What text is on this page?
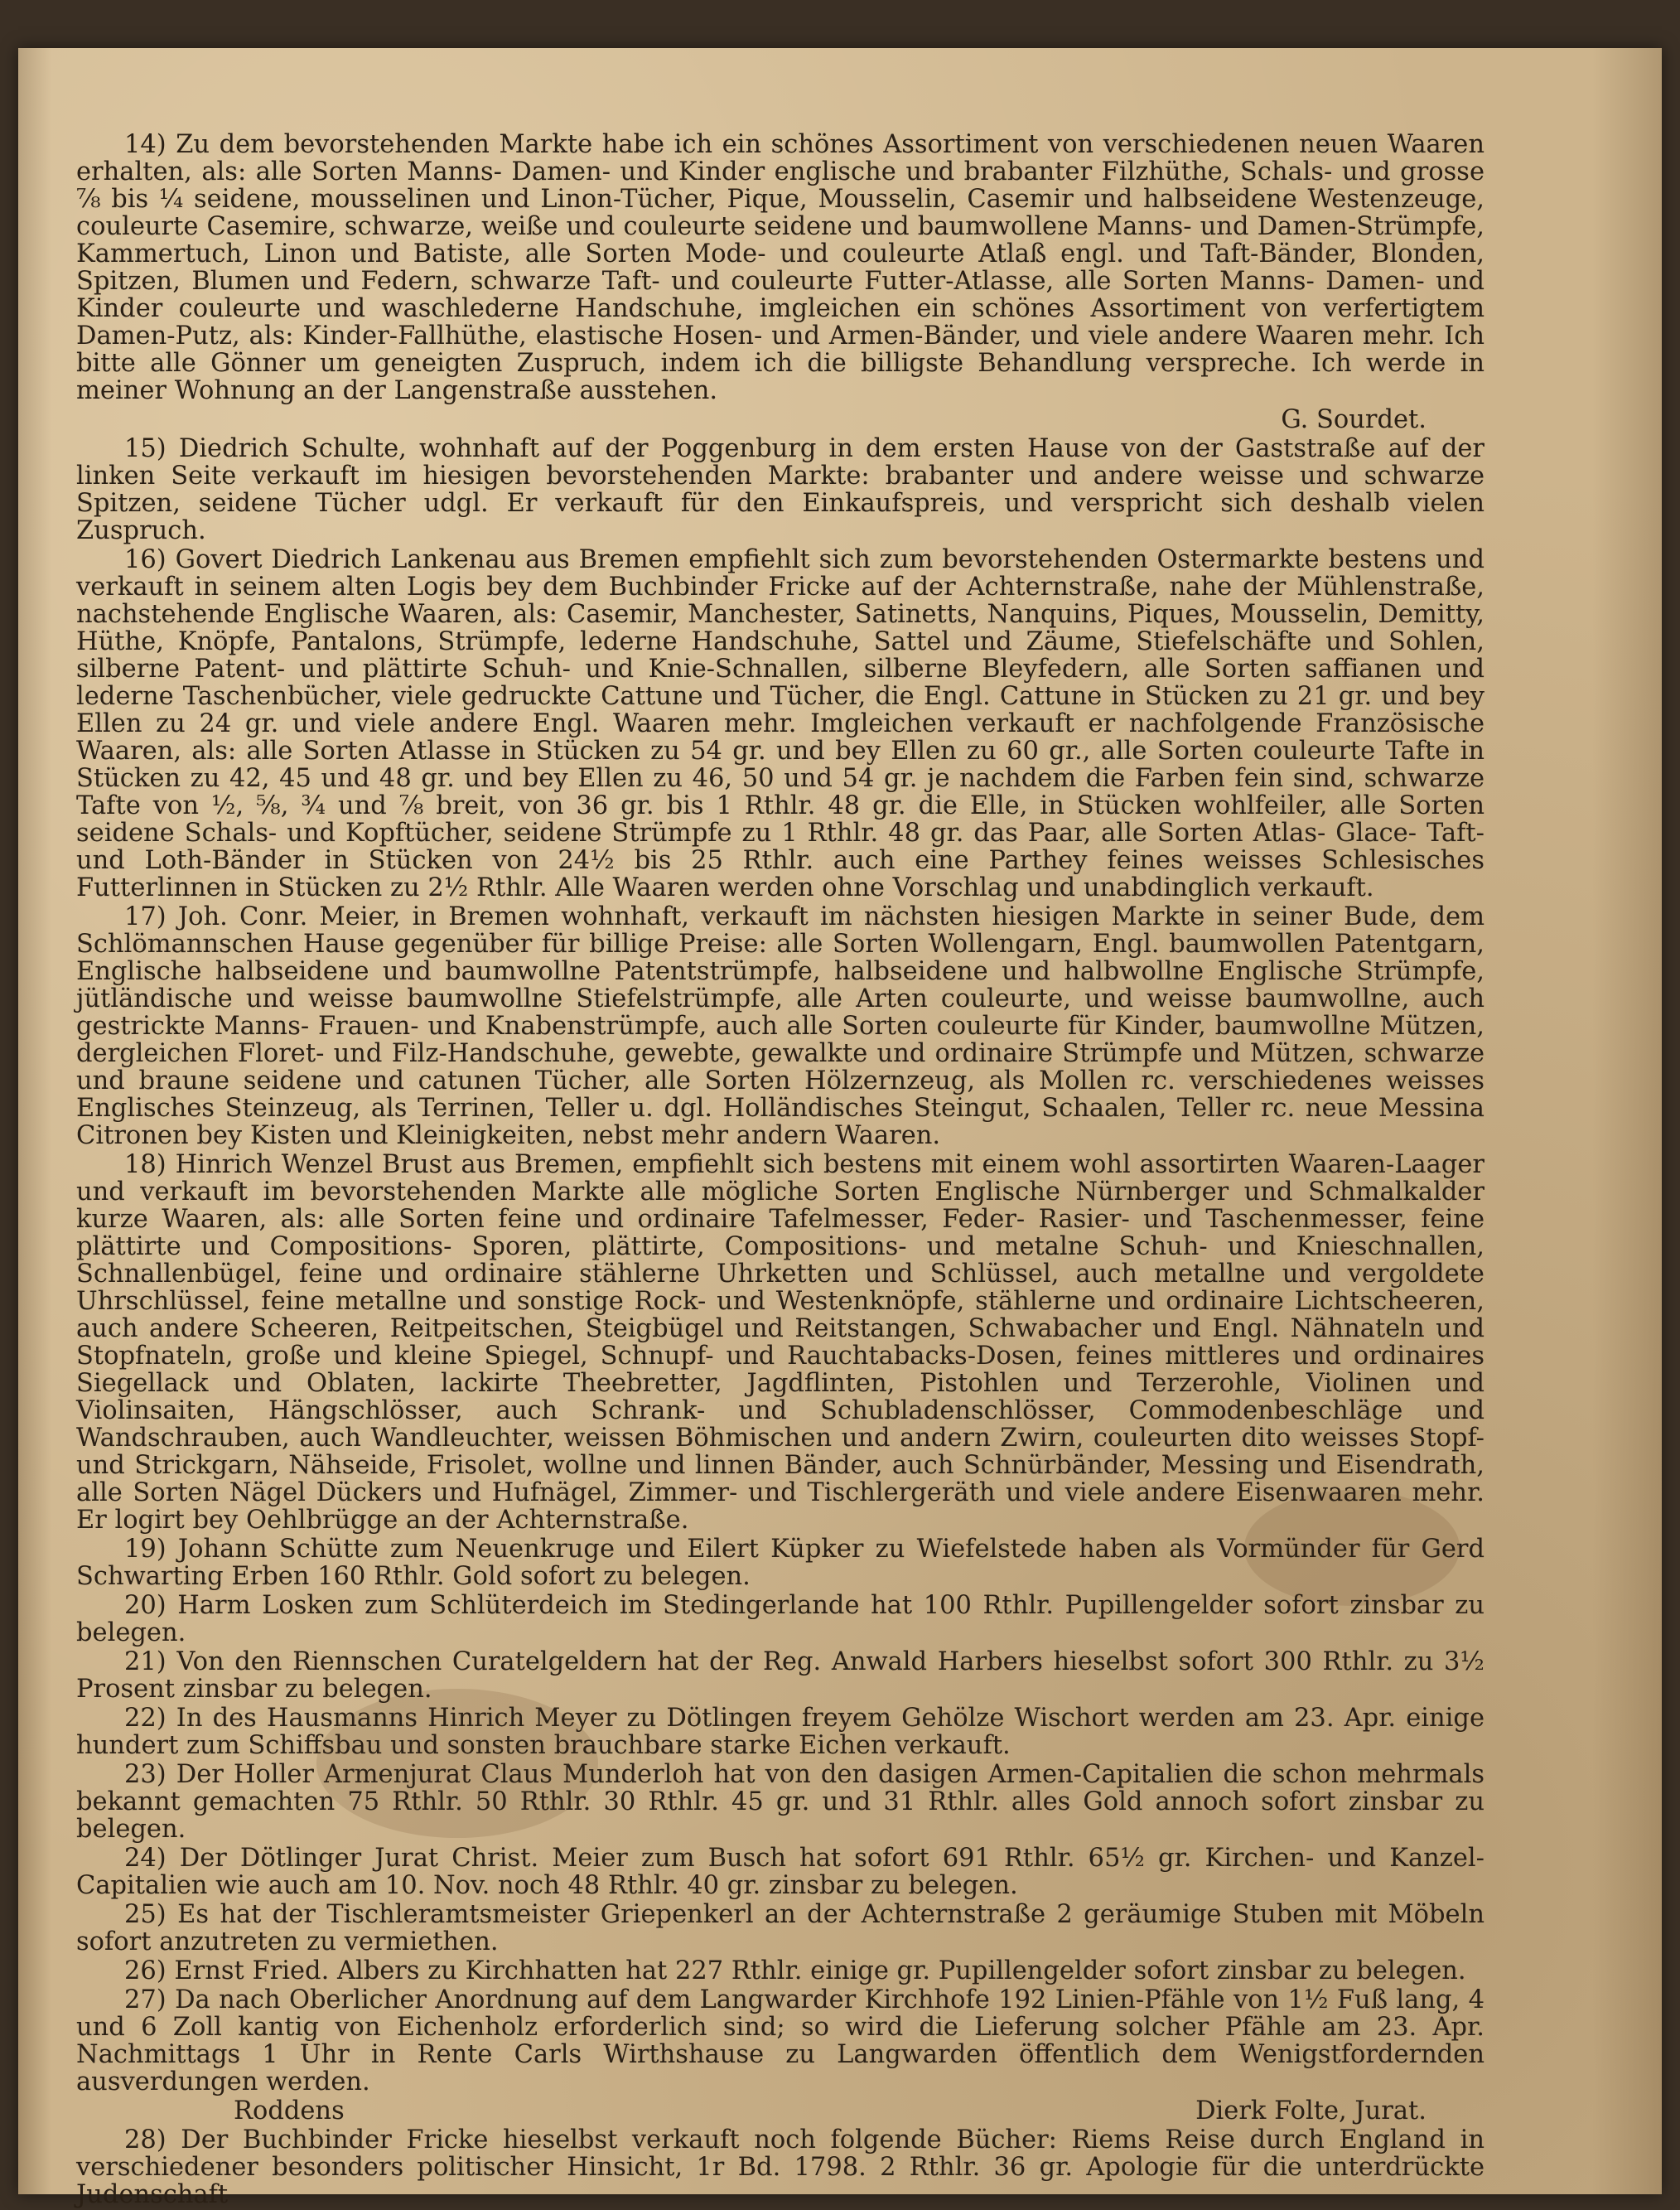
14) Zu dem bevorstehenden Markte habe ich ein schönes Assortiment von verschiedenen neuen Waaren erhalten, als: alle Sorten Manns- Damen- und Kinder englische und brabanter Filzhüthe, Schals- und grosse ⅞ bis ¼ seidene, mousselinen und Linon-Tücher, Pique, Mousselin, Casemir und halbseidene Westenzeuge, couleurte Casemire, schwarze, weiße und couleurte seidene und baumwollene Manns- und Damen-Strümpfe, Kammertuch, Linon und Batiste, alle Sorten Mode- und couleurte Atlaß engl. und Taft-Bänder, Blonden, Spitzen, Blumen und Federn, schwarze Taft- und couleurte Futter-Atlasse, alle Sorten Manns- Damen- und Kinder couleurte und waschlederne Handschuhe, imgleichen ein schönes Assortiment von verfertigtem Damen-Putz, als: Kinder-Fallhüthe, elastische Hosen- und Armen-Bänder, und viele andere Waaren mehr. Ich bitte alle Gönner um geneigten Zuspruch, indem ich die billigste Behandlung verspreche. Ich werde in meiner Wohnung an der Langenstraße ausstehen.

G. Sourdet.

15) Diedrich Schulte, wohnhaft auf der Poggenburg in dem ersten Hause von der Gaststraße auf der linken Seite verkauft im hiesigen bevorstehenden Markte: brabanter und andere weisse und schwarze Spitzen, seidene Tücher udgl. Er verkauft für den Einkaufspreis, und verspricht sich deshalb vielen Zuspruch.

16) Govert Diedrich Lankenau aus Bremen empfiehlt sich zum bevorstehenden Ostermarkte bestens und verkauft in seinem alten Logis bey dem Buchbinder Fricke auf der Achternstraße, nahe der Mühlenstraße, nachstehende Englische Waaren, als: Casemir, Manchester, Satinetts, Nanquins, Piques, Mousselin, Demitty, Hüthe, Knöpfe, Pantalons, Strümpfe, lederne Handschuhe, Sattel und Zäume, Stiefelschäfte und Sohlen, silberne Patent- und plättirte Schuh- und Knie-Schnallen, silberne Bleyfedern, alle Sorten saffianen und lederne Taschenbücher, viele gedruckte Cattune und Tücher, die Engl. Cattune in Stücken zu 21 gr. und bey Ellen zu 24 gr. und viele andere Engl. Waaren mehr. Imgleichen verkauft er nachfolgende Französische Waaren, als: alle Sorten Atlasse in Stücken zu 54 gr. und bey Ellen zu 60 gr., alle Sorten couleurte Tafte in Stücken zu 42, 45 und 48 gr. und bey Ellen zu 46, 50 und 54 gr. je nachdem die Farben fein sind, schwarze Tafte von ½, ⅝, ¾ und ⅞ breit, von 36 gr. bis 1 Rthlr. 48 gr. die Elle, in Stücken wohlfeiler, alle Sorten seidene Schals- und Kopftücher, seidene Strümpfe zu 1 Rthlr. 48 gr. das Paar, alle Sorten Atlas- Glace- Taft- und Loth-Bänder in Stücken von 24½ bis 25 Rthlr. auch eine Parthey feines weisses Schlesisches Futterlinnen in Stücken zu 2½ Rthlr. Alle Waaren werden ohne Vorschlag und unabdinglich verkauft.

17) Joh. Conr. Meier, in Bremen wohnhaft, verkauft im nächsten hiesigen Markte in seiner Bude, dem Schlömannschen Hause gegenüber für billige Preise: alle Sorten Wollengarn, Engl. baumwollen Patentgarn, Englische halbseidene und baumwollne Patentstrümpfe, halbseidene und halbwollne Englische Strümpfe, jütländische und weisse baumwollne Stiefelstrümpfe, alle Arten couleurte, und weisse baumwollne, auch gestrickte Manns- Frauen- und Knabenstrümpfe, auch alle Sorten couleurte für Kinder, baumwollne Mützen, dergleichen Floret- und Filz-Handschuhe, gewebte, gewalkte und ordinaire Strümpfe und Mützen, schwarze und braune seidene und catunen Tücher, alle Sorten Hölzernzeug, als Mollen rc. verschiedenes weisses Englisches Steinzeug, als Terrinen, Teller u. dgl. Holländisches Steingut, Schaalen, Teller rc. neue Messina Citronen bey Kisten und Kleinigkeiten, nebst mehr andern Waaren.

18) Hinrich Wenzel Brust aus Bremen, empfiehlt sich bestens mit einem wohl assortirten Waaren-Laager und verkauft im bevorstehenden Markte alle mögliche Sorten Englische Nürnberger und Schmalkalder kurze Waaren, als: alle Sorten feine und ordinaire Tafelmesser, Feder- Rasier- und Taschenmesser, feine plättirte und Compositions- Sporen, plättirte, Compositions- und metalne Schuh- und Knieschnallen, Schnallenbügel, feine und ordinaire stählerne Uhrketten und Schlüssel, auch metallne und vergoldete Uhrschlüssel, feine metallne und sonstige Rock- und Westenknöpfe, stählerne und ordinaire Lichtscheeren, auch andere Scheeren, Reitpeitschen, Steigbügel und Reitstangen, Schwabacher und Engl. Nähnateln und Stopfnateln, große und kleine Spiegel, Schnupf- und Rauchtabacks-Dosen, feines mittleres und ordinaires Siegellack und Oblaten, lackirte Theebretter, Jagdflinten, Pistohlen und Terzerohle, Violinen und Violinsaiten, Hängschlösser, auch Schrank- und Schubladenschlösser, Commodenbeschläge und Wandschrauben, auch Wandleuchter, weissen Böhmischen und andern Zwirn, couleurten dito weisses Stopf- und Strickgarn, Nähseide, Frisolet, wollne und linnen Bänder, auch Schnürbänder, Messing und Eisendrath, alle Sorten Nägel Dückers und Hufnägel, Zimmer- und Tischlergeräth und viele andere Eisenwaaren mehr. Er logirt bey Oehlbrügge an der Achternstraße.

19) Johann Schütte zum Neuenkruge und Eilert Küpker zu Wiefelstede haben als Vormünder für Gerd Schwarting Erben 160 Rthlr. Gold sofort zu belegen.

20) Harm Losken zum Schlüterdeich im Stedingerlande hat 100 Rthlr. Pupillengelder sofort zinsbar zu belegen.

21) Von den Riennschen Curatelgeldern hat der Reg. Anwald Harbers hieselbst sofort 300 Rthlr. zu 3½ Prosent zinsbar zu belegen.

22) In des Hausmanns Hinrich Meyer zu Dötlingen freyem Gehölze Wischort werden am 23. Apr. einige hundert zum Schiffsbau und sonsten brauchbare starke Eichen verkauft.

23) Der Holler Armenjurat Claus Munderloh hat von den dasigen Armen-Capitalien die schon mehrmals bekannt gemachten 75 Rthlr. 50 Rthlr. 30 Rthlr. 45 gr. und 31 Rthlr. alles Gold annoch sofort zinsbar zu belegen.

24) Der Dötlinger Jurat Christ. Meier zum Busch hat sofort 691 Rthlr. 65½ gr. Kirchen- und Kanzel-Capitalien wie auch am 10. Nov. noch 48 Rthlr. 40 gr. zinsbar zu belegen.

25) Es hat der Tischleramtsmeister Griepenkerl an der Achternstraße 2 geräumige Stuben mit Möbeln sofort anzutreten zu vermiethen.

26) Ernst Fried. Albers zu Kirchhatten hat 227 Rthlr. einige gr. Pupillengelder sofort zinsbar zu belegen.

27) Da nach Oberlicher Anordnung auf dem Langwarder Kirchhofe 192 Linien-Pfähle von 1½ Fuß lang, 4 und 6 Zoll kantig von Eichenholz erforderlich sind; so wird die Lieferung solcher Pfähle am 23. Apr. Nachmittags 1 Uhr in Rente Carls Wirthshause zu Langwarden öffentlich dem Wenigstfordernden ausverdungen werden.

Roddens	Dierk Folte, Jurat.

28) Der Buchbinder Fricke hieselbst verkauft noch folgende Bücher: Riems Reise durch England in verschiedener besonders politischer Hinsicht, 1r Bd. 1798. 2 Rthlr. 36 gr. Apologie für die unterdrückte Judenschaft
